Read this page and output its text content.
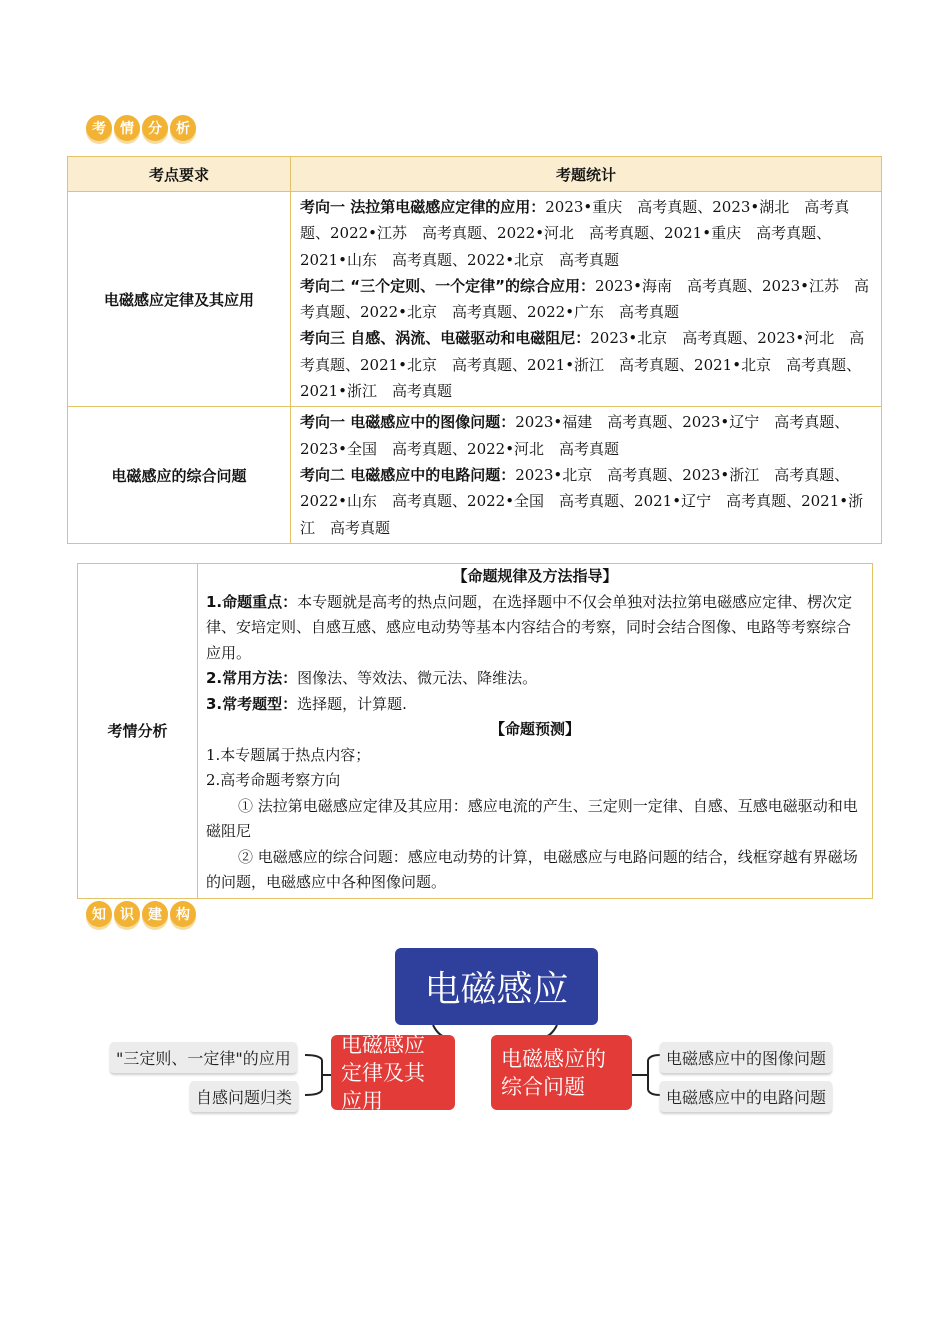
考	情	分	析
考点要求	考题统计
电磁感应定律及其应用	考向一 法拉第电磁感应定律的应用：2023•重庆　高考真题、2023•湖北　高考真题、2022•江苏　高考真题、2022•河北　高考真题、2021•重庆　高考真题、2021•山东　高考真题、2022•北京　高考真题
考向二 “三个定则、一个定律”的综合应用：2023•海南　高考真题、2023•江苏　高考真题、2022•北京　高考真题、2022•广东　高考真题
考向三 自感、涡流、电磁驱动和电磁阻尼：2023•北京　高考真题、2023•河北　高考真题、2021•北京　高考真题、2021•浙江　高考真题、2021•北京　高考真题、2021•浙江　高考真题

电磁感应的综合问题	考向一 电磁感应中的图像问题：2023•福建　高考真题、2023•辽宁　高考真题、2023•全国　高考真题、2022•河北　高考真题
考向二 电磁感应中的电路问题：2023•北京　高考真题、2023•浙江　高考真题、2022•山东　高考真题、2022•全国　高考真题、2021•辽宁　高考真题、2021•浙江　高考真题
考情分析	
【命题规律及方法指导】
1.命题重点：本专题就是高考的热点问题，在选择题中不仅会单独对法拉第电磁感应定律、楞次定律、安培定则、自感互感、感应电动势等基本内容结合的考察，同时会结合图像、电路等考察综合应用。
2.常用方法：图像法、等效法、微元法、降维法。
3.常考题型：选择题，计算题.
【命题预测】
1.本专题属于热点内容；
2.高考命题考察方向
① 法拉第电磁感应定律及其应用：感应电流的产生、三定则一定律、自感、互感电磁驱动和电磁阻尼
② 电磁感应的综合问题：感应电动势的计算，电磁感应与电路问题的结合，线框穿越有界磁场的问题，电磁感应中各种图像问题。
知	识	建	构
电磁感应
电磁感应定律及其应用
电磁感应的综合问题
"三定则、一定律"的应用
自感问题归类
电磁感应中的图像问题
电磁感应中的电路问题
